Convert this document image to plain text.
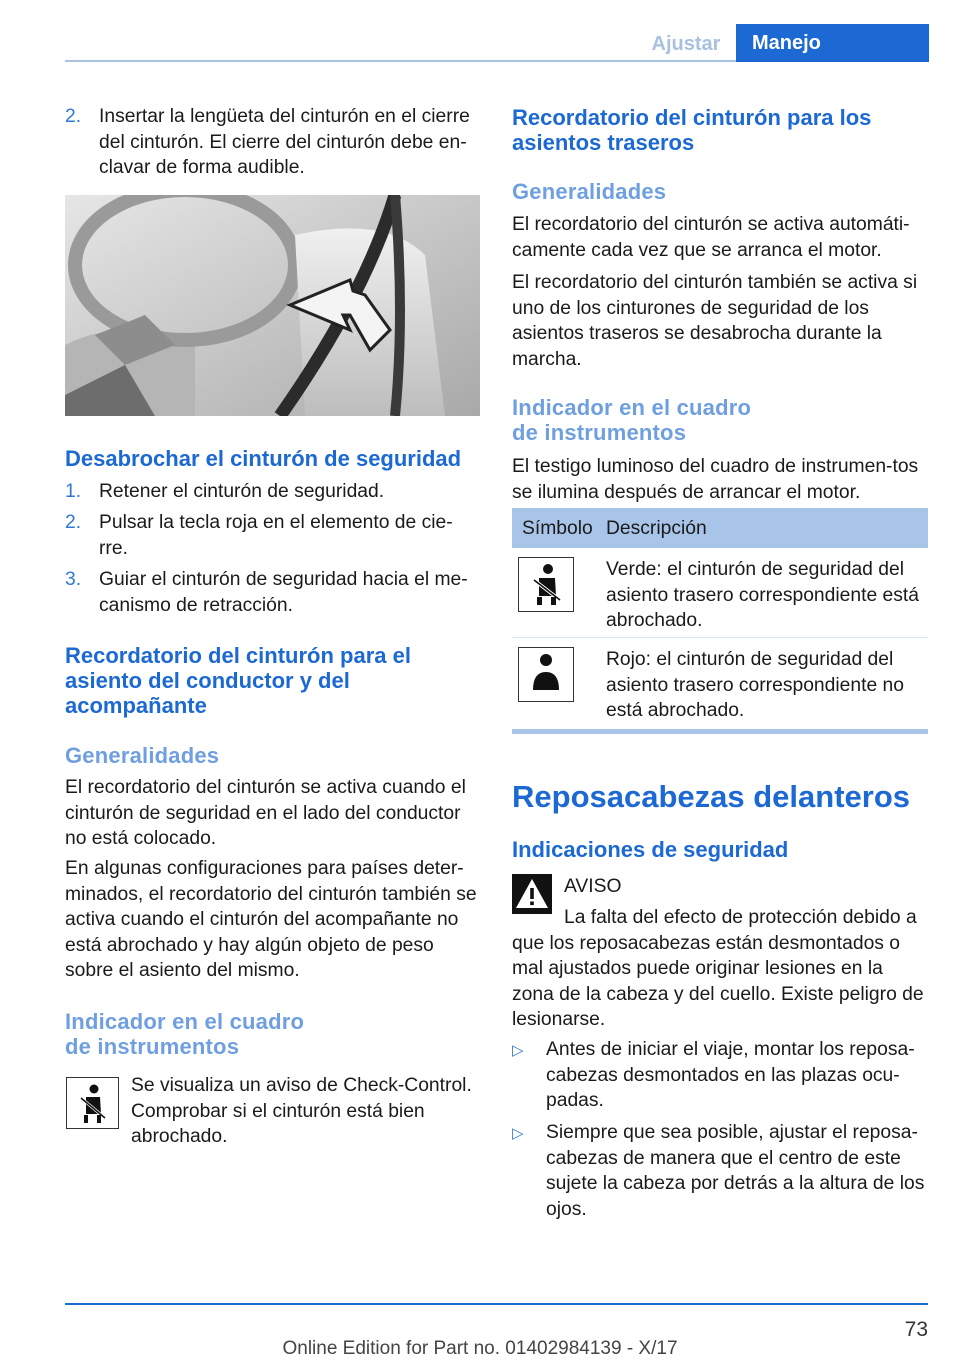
Ajustar	Manejo
2. Insertar la lengüeta del cinturón en el cierre del cinturón. El cierre del cinturón debe en-clavar de forma audible.
Desabrochar el cinturón de seguridad
1. Retener el cinturón de seguridad.
2. Pulsar la tecla roja en el elemento de cie-rre.
3. Guiar el cinturón de seguridad hacia el me-canismo de retracción.
Recordatorio del cinturón para el asiento del conductor y del acompañante
Generalidades

El recordatorio del cinturón se activa cuando el cinturón de seguridad en el lado del conductor no está colocado.

En algunas configuraciones para países deter-minados, el recordatorio del cinturón también se activa cuando el cinturón del acompañante no está abrochado y hay algún objeto de peso sobre el asiento del mismo.

Indicador en el cuadro
de instrumentos

Se visualiza un aviso de Check-Control. Comprobar si el cinturón está bien abrochado.

Recordatorio del cinturón para los asientos traseros
Generalidades

El recordatorio del cinturón se activa automáti-camente cada vez que se arranca el motor.

El recordatorio del cinturón también se activa si uno de los cinturones de seguridad de los asientos traseros se desabrocha durante la marcha.

Indicador en el cuadro
de instrumentos

El testigo luminoso del cuadro de instrumen-tos se ilumina después de arrancar el motor.

Símbolo Descripción

Verde: el cinturón de seguridad del asiento trasero correspondiente está abrochado.

Rojo: el cinturón de seguridad del asiento trasero correspondiente no está abrochado.

Reposacabezas delanteros
Indicaciones de seguridad
AVISO

La falta del efecto de protección debido a que los reposacabezas están desmontados o mal ajustados puede originar lesiones en la zona de la cabeza y del cuello. Existe peligro de lesionarse.

▷ Antes de iniciar el viaje, montar los reposa-cabezas desmontados en las plazas ocu-padas.
▷ Siempre que sea posible, ajustar el reposa-cabezas de manera que el centro de este sujete la cabeza por detrás a la altura de los ojos.
73
Online Edition for Part no. 01402984139 - X/17
